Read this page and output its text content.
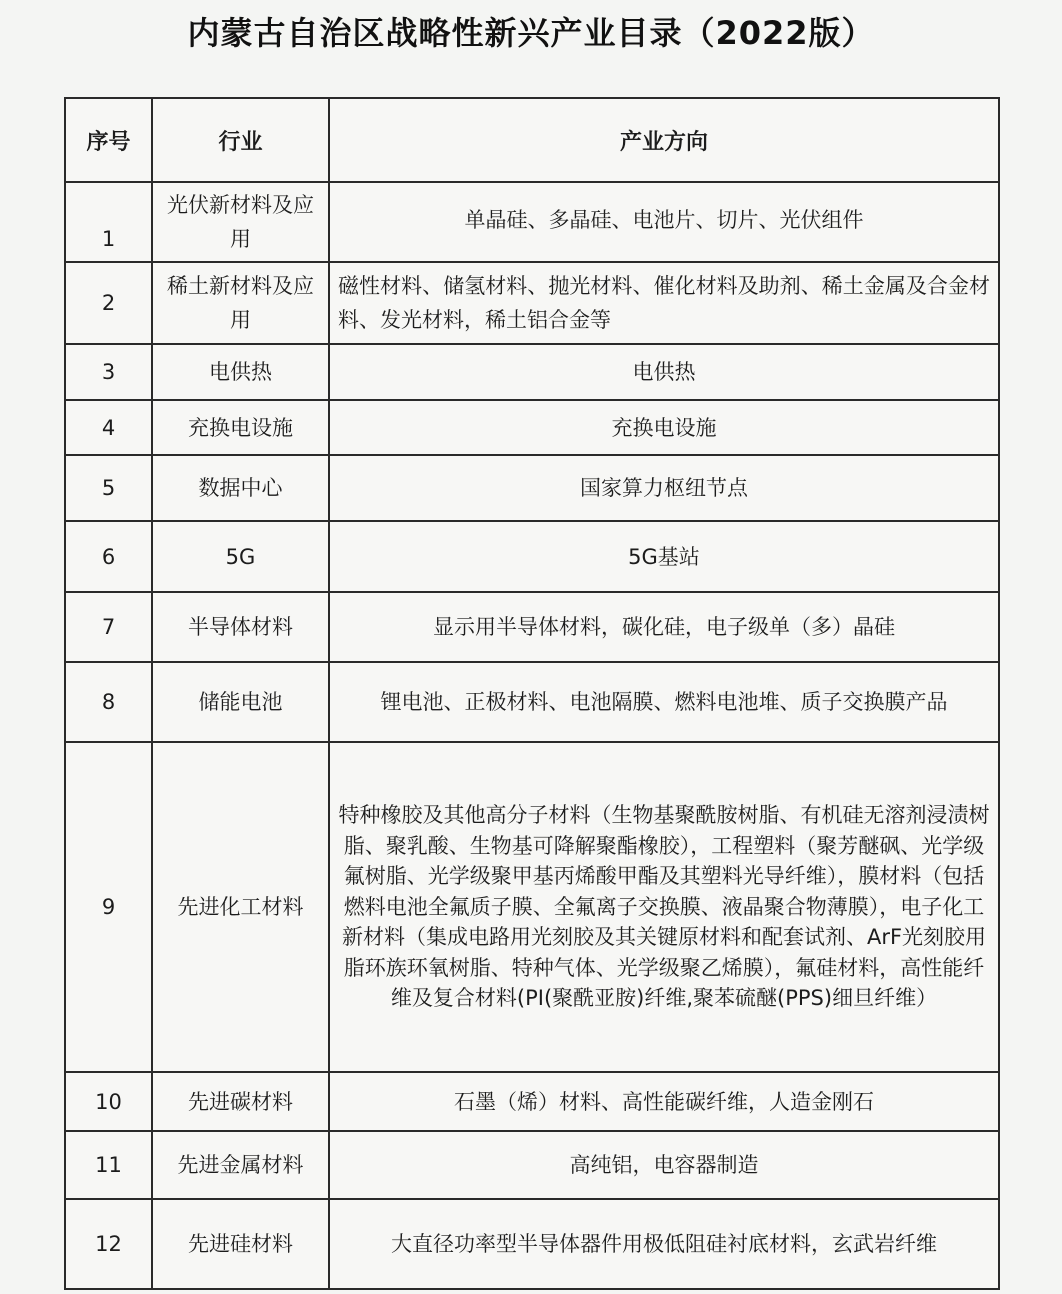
内蒙古自治区战略性新兴产业目录（2022版）
序号	行业	产业方向
1	光伏新材料及应用	单晶硅、多晶硅、电池片、切片、光伏组件
2	稀土新材料及应用	磁性材料、储氢材料、抛光材料、催化材料及助剂、稀土金属及合金材料、发光材料，稀土铝合金等
3	电供热	电供热
4	充换电设施	充换电设施
5	数据中心	国家算力枢纽节点
6	5G	5G基站
7	半导体材料	显示用半导体材料，碳化硅，电子级单（多）晶硅
8	储能电池	锂电池、正极材料、电池隔膜、燃料电池堆、质子交换膜产品
9	先进化工材料	特种橡胶及其他高分子材料（生物基聚酰胺树脂、有机硅无溶剂浸渍树脂、聚乳酸、生物基可降解聚酯橡胶），工程塑料（聚芳醚砜、光学级氟树脂、光学级聚甲基丙烯酸甲酯及其塑料光导纤维），膜材料（包括燃料电池全氟质子膜、全氟离子交换膜、液晶聚合物薄膜），电子化工新材料（集成电路用光刻胶及其关键原材料和配套试剂、ArF光刻胶用脂环族环氧树脂、特种气体、光学级聚乙烯膜），氟硅材料，高性能纤维及复合材料(PI(聚酰亚胺)纤维,聚苯硫醚(PPS)细旦纤维）
10	先进碳材料	石墨（烯）材料、高性能碳纤维，人造金刚石
11	先进金属材料	高纯铝，电容器制造
12	先进硅材料	大直径功率型半导体器件用极低阻硅衬底材料，玄武岩纤维
